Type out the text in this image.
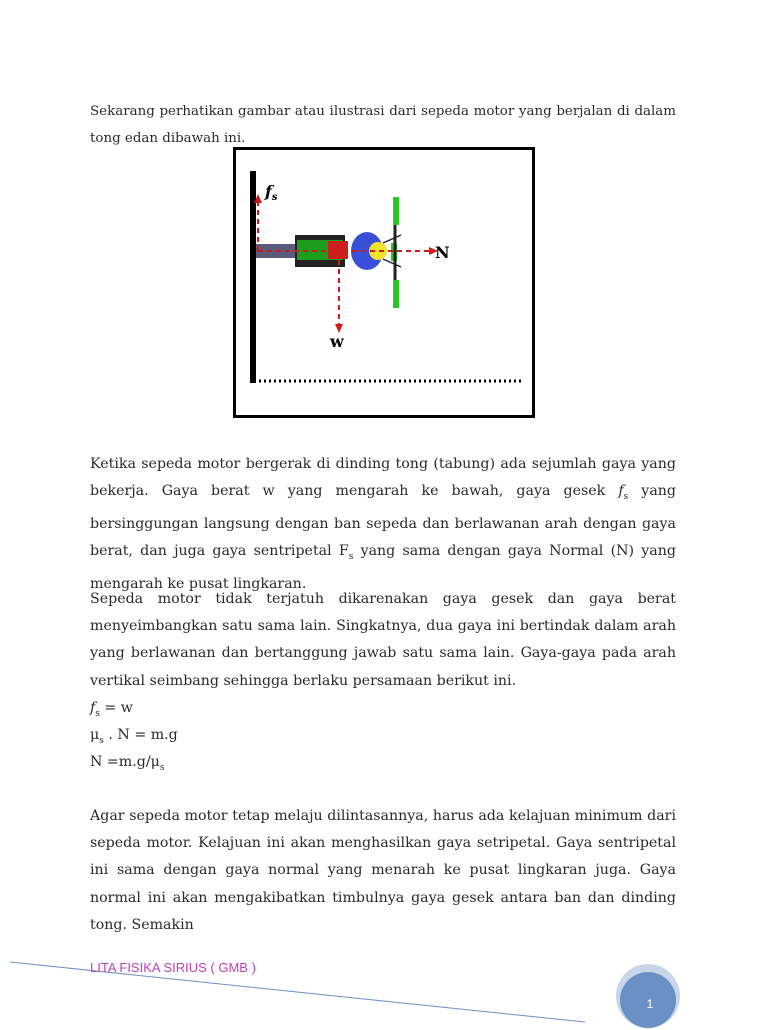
Sekarang perhatikan gambar atau ilustrasi dari sepeda motor yang berjalan di dalam tong edan dibawah ini.
fs
N
w
Ketika sepeda motor bergerak di dinding tong (tabung) ada sejumlah gaya yang bekerja. Gaya berat w yang mengarah ke bawah, gaya gesek $f_s$ yang bersinggungan langsung dengan ban sepeda dan berlawanan arah dengan gaya berat, dan juga gaya sentripetal $F_s$ yang sama dengan gaya Normal (N) yang mengarah ke pusat lingkaran.
Sepeda motor tidak terjatuh dikarenakan gaya gesek dan gaya berat menyeimbangkan satu sama lain. Singkatnya, dua gaya ini bertindak dalam arah yang berlawanan dan bertanggung jawab satu sama lain. Gaya-gaya pada arah vertikal seimbang sehingga berlaku persamaan berikut ini.
$f_s = w$
$\mu_s$ . N = m.g
$N =m.g/\mu_s$
Agar sepeda motor tetap melaju dilintasannya, harus ada kelajuan minimum dari sepeda motor. Kelajuan ini akan menghasilkan gaya setripetal. Gaya sentripetal ini sama dengan gaya normal yang menarah ke pusat lingkaran juga. Gaya normal ini akan mengakibatkan timbulnya gaya gesek antara ban dan dinding tong. Semakin
LITA FISIKA SIRIUS ( GMB )
1
